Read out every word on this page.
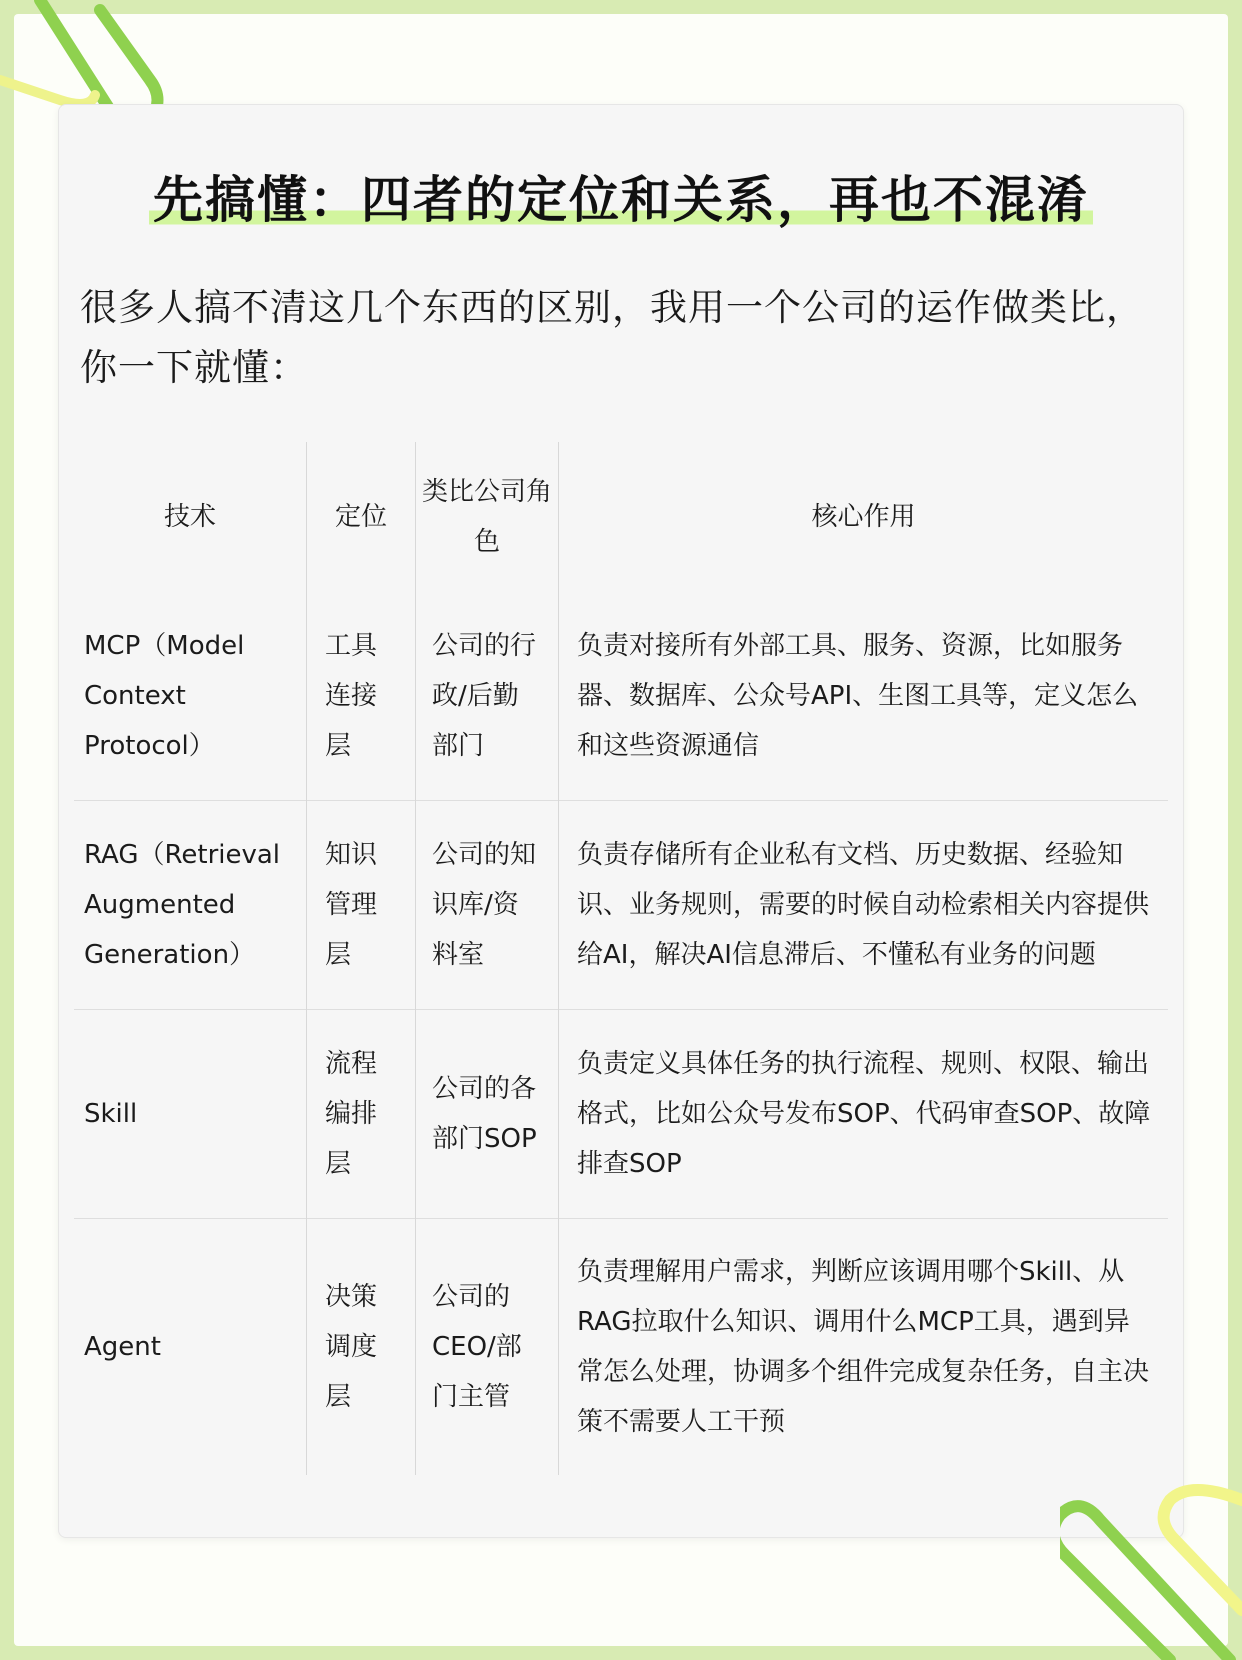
先搞懂：四者的定位和关系，再也不混淆
很多人搞不清这几个东西的区别，我用一个公司的运作做类比，你一下就懂：
技术	定位	类比公司角色	核心作用
MCP（Model Context Protocol）	工具连接层	公司的行政/后勤部门	负责对接所有外部工具、服务、资源，比如服务器、数据库、公众号API、生图工具等，定义怎么和这些资源通信
RAG（Retrieval Augmented Generation）	知识管理层	公司的知识库/资料室	负责存储所有企业私有文档、历史数据、经验知识、业务规则，需要的时候自动检索相关内容提供给AI，解决AI信息滞后、不懂私有业务的问题
Skill	流程编排层	公司的各部门SOP	负责定义具体任务的执行流程、规则、权限、输出格式，比如公众号发布SOP、代码审查SOP、故障排查SOP
Agent	决策调度层	公司的CEO/部门主管	负责理解用户需求，判断应该调用哪个Skill、从RAG拉取什么知识、调用什么MCP工具，遇到异常怎么处理，协调多个组件完成复杂任务，自主决策不需要人工干预
